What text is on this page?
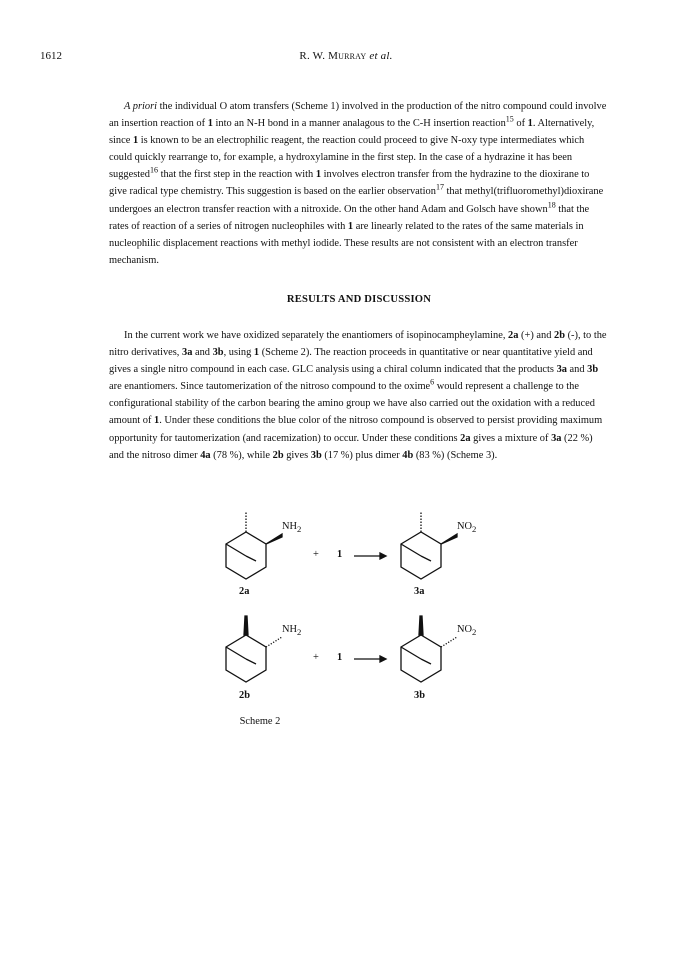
1612	R. W. Murray et al.

A priori the individual O atom transfers (Scheme 1) involved in the production of the nitro compound could involve an insertion reaction of 1 into an N-H bond in a manner analagous to the C-H insertion reaction$^{15}$ of 1. Alternatively, since 1 is known to be an electrophilic reagent, the reaction could proceed to give N-oxy type intermediates which could quickly rearrange to, for example, a hydroxylamine in the first step. In the case of a hydrazine it has been suggested$^{16}$ that the first step in the reaction with 1 involves electron transfer from the hydrazine to the dioxirane to give radical type chemistry. This suggestion is based on the earlier observation$^{17}$ that methyl(trifluoromethyl)dioxirane undergoes an electron transfer reaction with a nitroxide. On the other hand Adam and Golsch have shown$^{18}$ that the rates of reaction of a series of nitrogen nucleophiles with 1 are linearly related to the rates of the same materials in nucleophilic displacement reactions with methyl iodide. These results are not consistent with an electron transfer mechanism.

RESULTS AND DISCUSSION

In the current work we have oxidized separately the enantiomers of isopinocampheylamine, 2a (+) and 2b (-), to the nitro derivatives, 3a and 3b, using 1 (Scheme 2). The reaction proceeds in quantitative or near quantitative yield and gives a single nitro compound in each case. GLC analysis using a chiral column indicated that the products 3a and 3b are enantiomers. Since tautomerization of the nitroso compound to the oxime$^6$ would represent a challenge to the configurational stability of the carbon bearing the amino group we have also carried out the oxidation with a reduced amount of 1. Under these conditions the blue color of the nitroso compound is observed to persist providing maximum opportunity for tautomerization (and racemization) to occur. Under these conditions 2a gives a mixture of 3a (22 %) and the nitroso dimer 4a (78 %), while 2b gives 3b (17 %) plus dimer 4b (83 %) (Scheme 3).

$NH_2$
+ 1
$NO_2$
2a	3a
$NH_2$
+ 1
$NO_2$
2b	3b
Scheme 2
